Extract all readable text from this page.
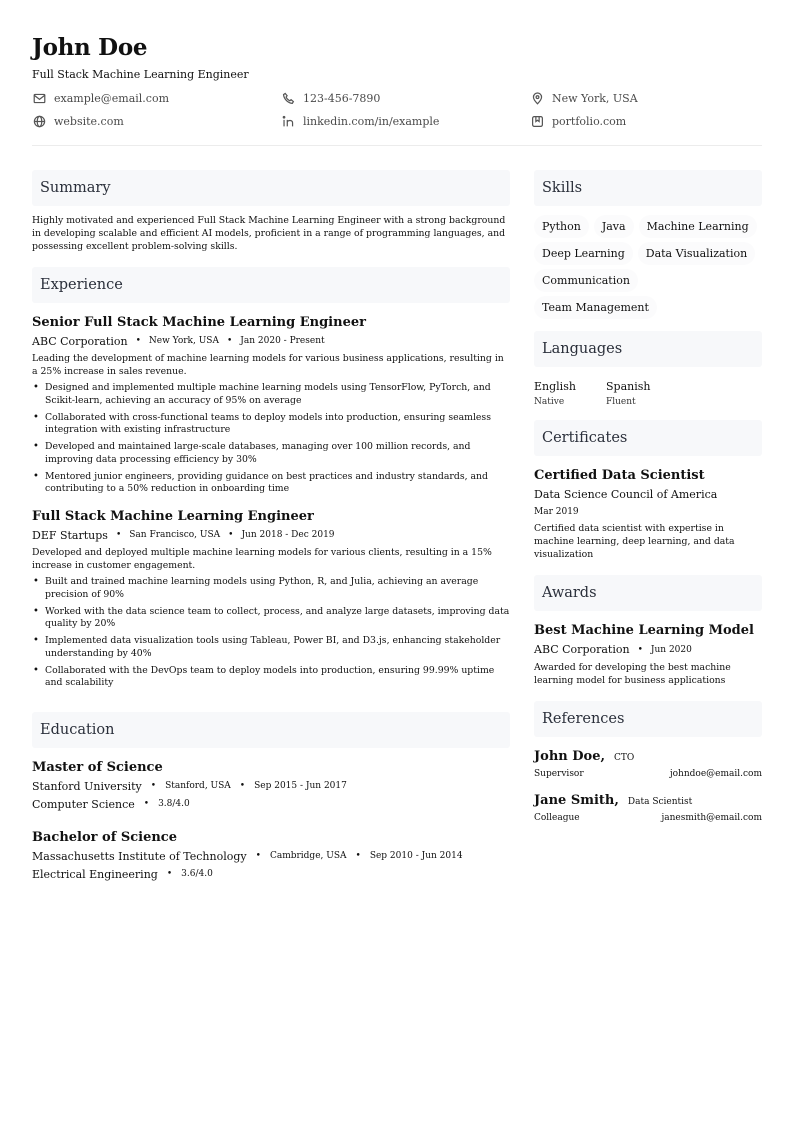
John Doe
Full Stack Machine Learning Engineer
example@email.com	123-456-7890	New York, USA
website.com	linkedin.com/in/example	portfolio.com
Summary

Highly motivated and experienced Full Stack Machine Learning Engineer with a strong background in developing scalable and efficient AI models, proficient in a range of programming languages, and possessing excellent problem-solving skills.

Experience
Senior Full Stack Machine Learning Engineer
ABC Corporation • New York, USA • Jan 2020 - Present

Leading the development of machine learning models for various business applications, resulting in a 25% increase in sales revenue.

• Designed and implemented multiple machine learning models using TensorFlow, PyTorch, and Scikit-learn, achieving an accuracy of 95% on average
• Collaborated with cross-functional teams to deploy models into production, ensuring seamless integration with existing infrastructure
• Developed and maintained large-scale databases, managing over 100 million records, and improving data processing efficiency by 30%
• Mentored junior engineers, providing guidance on best practices and industry standards, and contributing to a 50% reduction in onboarding time
Full Stack Machine Learning Engineer
DEF Startups • San Francisco, USA • Jun 2018 - Dec 2019

Developed and deployed multiple machine learning models for various clients, resulting in a 15% increase in customer engagement.

• Built and trained machine learning models using Python, R, and Julia, achieving an average precision of 90%
• Worked with the data science team to collect, process, and analyze large datasets, improving data quality by 20%
• Implemented data visualization tools using Tableau, Power BI, and D3.js, enhancing stakeholder understanding by 40%
• Collaborated with the DevOps team to deploy models into production, ensuring 99.99% uptime and scalability
Education
Master of Science
Stanford University • Stanford, USA • Sep 2015 - Jun 2017
Computer Science • 3.8/4.0
Bachelor of Science
Massachusetts Institute of Technology • Cambridge, USA • Sep 2010 - Jun 2014
Electrical Engineering • 3.6/4.0
Skills
Python	Java	Machine Learning
Deep Learning	Data Visualization
Communication
Team Management
Languages
English
Native
Spanish
Fluent
Certificates
Certified Data Scientist
Data Science Council of America
Mar 2019

Certified data scientist with expertise in machine learning, deep learning, and data visualization

Awards
Best Machine Learning Model
ABC Corporation • Jun 2020

Awarded for developing the best machine learning model for business applications

References
John Doe, CTO
Supervisor	johndoe@email.com
Jane Smith, Data Scientist
Colleague	janesmith@email.com
